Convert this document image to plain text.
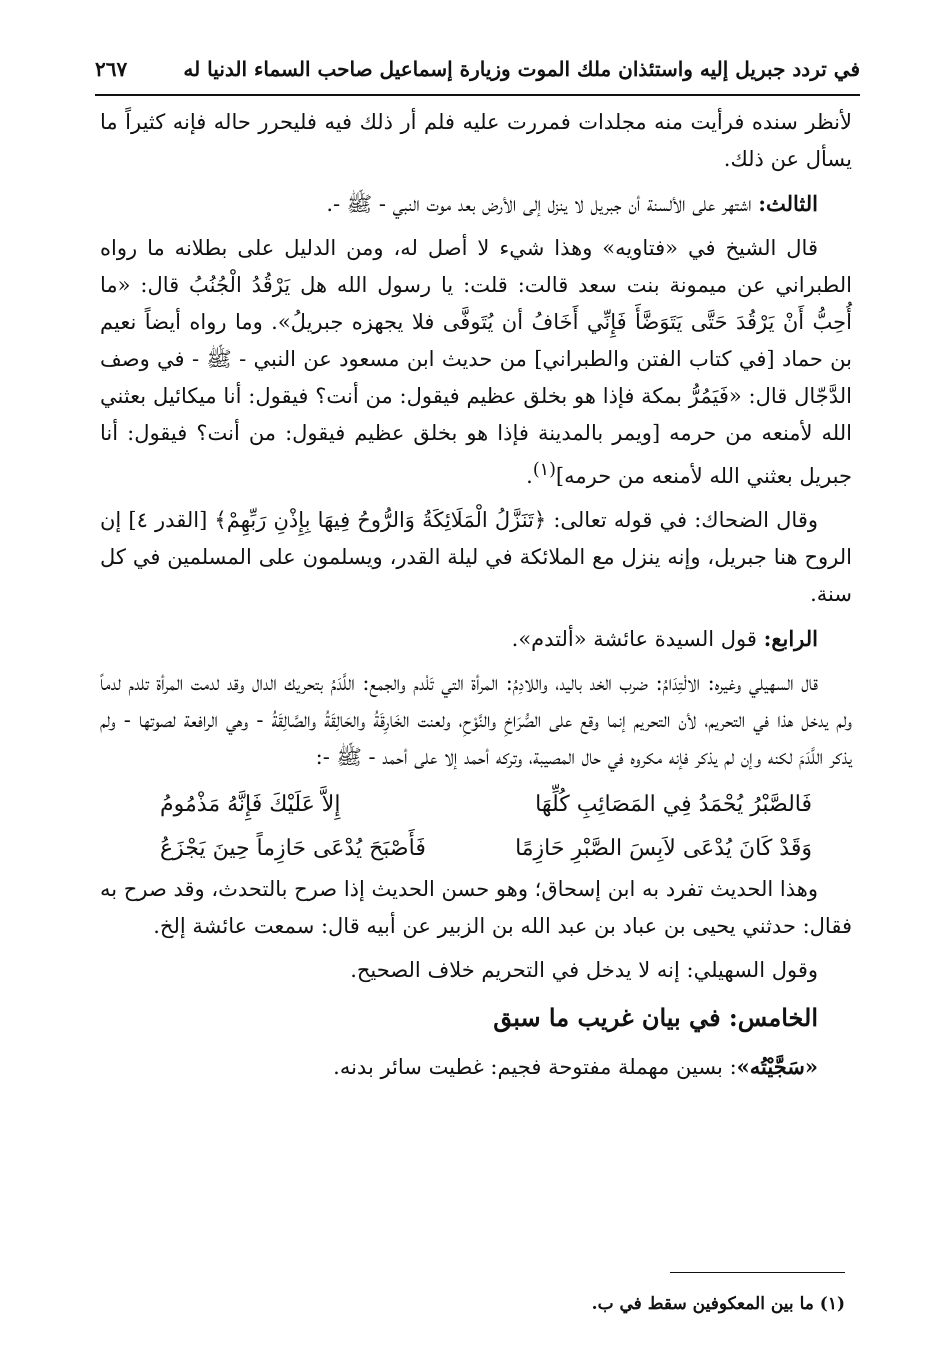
في تردد جبريل إليه واستئذان ملك الموت وزيارة إسماعيل صاحب السماء الدنيا له
٢٦٧

لأنظر سنده فرأيت منه مجلدات فمررت عليه فلم أر ذلك فيه فليحرر حاله فإنه كثيراً ما يسأل عن ذلك.

الثالث: اشتهر على الألسنة أن جبريل لا ينزل إلى الأرض بعد موت النبي - ﷺ -.

قال الشيخ في «فتاويه» وهذا شيء لا أصل له، ومن الدليل على بطلانه ما رواه الطبراني عن ميمونة بنت سعد قالت: قلت: يا رسول الله هل يَرْقُدُ الْجُنُبُ قال: «ما أُحِبُّ أَنْ يَرْقُدَ حَتَّى يَتَوَضَّأَ فَإِنِّي أَخَافُ أن يُتَوفَّى فلا يجهزه جبريلُ». وما رواه أيضاً نعيم بن حماد [في كتاب الفتن والطبراني] من حديث ابن مسعود عن النبي - ﷺ - في وصف الدَّجّال قال: «فَيَمُرُّ بمكة فإذا هو بخلق عظيم فيقول: من أنت؟ فيقول: أنا ميكائيل بعثني الله لأمنعه من حرمه [ويمر بالمدينة فإذا هو بخلق عظيم فيقول: من أنت؟ فيقول: أنا جبريل بعثني الله لأمنعه من حرمه]$^{(١)}$.

وقال الضحاك: في قوله تعالى: ﴿تَنَزَّلُ الْمَلَائِكَةُ وَالرُّوحُ فِيهَا بِإِذْنِ رَبِّهِمْ﴾ [القدر ٤] إن الروح هنا جبريل، وإنه ينزل مع الملائكة في ليلة القدر، ويسلمون على المسلمين في كل سنة.

الرابع: قول السيدة عائشة «ألتدم».

قال السهيلي وغيره: الالْتِدَامُ: ضرب الخد باليد، واللادِمُ: المرأة التي تَلْدم والجمع: اللَّدَمُ بتحريك الدال وقد لدمت المرأة تلدم لدماً ولم يدخل هذا في التحريم، لأن التحريم إنما وقع على الصُّرَاخِ والنَّوْحِ، ولعنت الخَارِقَةُ والحَالِقَةُ والصَّالِقَةُ - وهي الرافعة لصوتها - ولم يذكر اللَّدَمَ لكنه وإن لم يذكر فإنه مكروه في حال المصيبة، وتركه أحمد إلا على أحمد - ﷺ -:

فَالصَّبْرُ يُحْمَدُ فِي المَصَائِبِ كُلِّهَا
إِلاَّ عَلَيْكَ فَإِنَّهُ مَذْمُومُ
وَقَدْ كَانَ يُدْعَى لاَبِسَ الصَّبْرِ حَازِمًا
فَأَصْبَحَ يُدْعَى حَازِماً حِينَ يَجْزَعُ

وهذا الحديث تفرد به ابن إسحاق؛ وهو حسن الحديث إذا صرح بالتحدث، وقد صرح به فقال: حدثني يحيى بن عباد بن عبد الله بن الزبير عن أبيه قال: سمعت عائشة إلخ.

وقول السهيلي: إنه لا يدخل في التحريم خلاف الصحيح.

الخامس: في بيان غريب ما سبق

«سَجَّيْتُه»: بسين مهملة مفتوحة فجيم: غطيت سائر بدنه.

(١) ما بين المعكوفين سقط في ب.
